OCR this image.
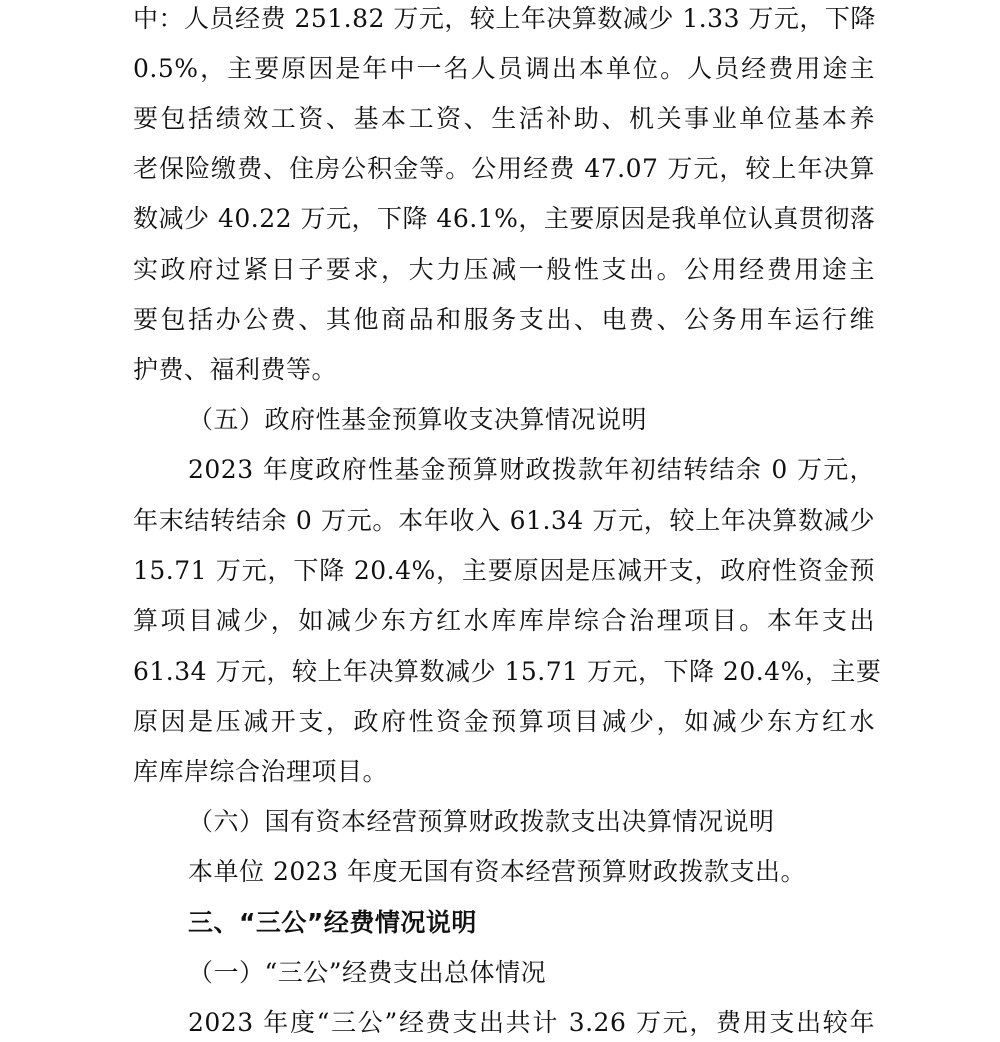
中：人员经费 251.82 万元，较上年决算数减少 1.33 万元，下降
0.5%，主要原因是年中一名人员调出本单位。人员经费用途主
要包括绩效工资、基本工资、生活补助、机关事业单位基本养
老保险缴费、住房公积金等。公用经费 47.07 万元，较上年决算
数减少 40.22 万元，下降 46.1%，主要原因是我单位认真贯彻落
实政府过紧日子要求，大力压减一般性支出。公用经费用途主
要包括办公费、其他商品和服务支出、电费、公务用车运行维
护费、福利费等。
（五）政府性基金预算收支决算情况说明
2023 年度政府性基金预算财政拨款年初结转结余 0 万元，
年末结转结余 0 万元。本年收入 61.34 万元，较上年决算数减少
15.71 万元，下降 20.4%，主要原因是压减开支，政府性资金预
算项目减少，如减少东方红水库库岸综合治理项目。本年支出
61.34 万元，较上年决算数减少 15.71 万元，下降 20.4%，主要
原因是压减开支，政府性资金预算项目减少，如减少东方红水
库库岸综合治理项目。
（六）国有资本经营预算财政拨款支出决算情况说明
本单位 2023 年度无国有资本经营预算财政拨款支出。
三、“三公”经费情况说明
（一）“三公”经费支出总体情况
2023 年度“三公”经费支出共计 3.26 万元，费用支出较年
